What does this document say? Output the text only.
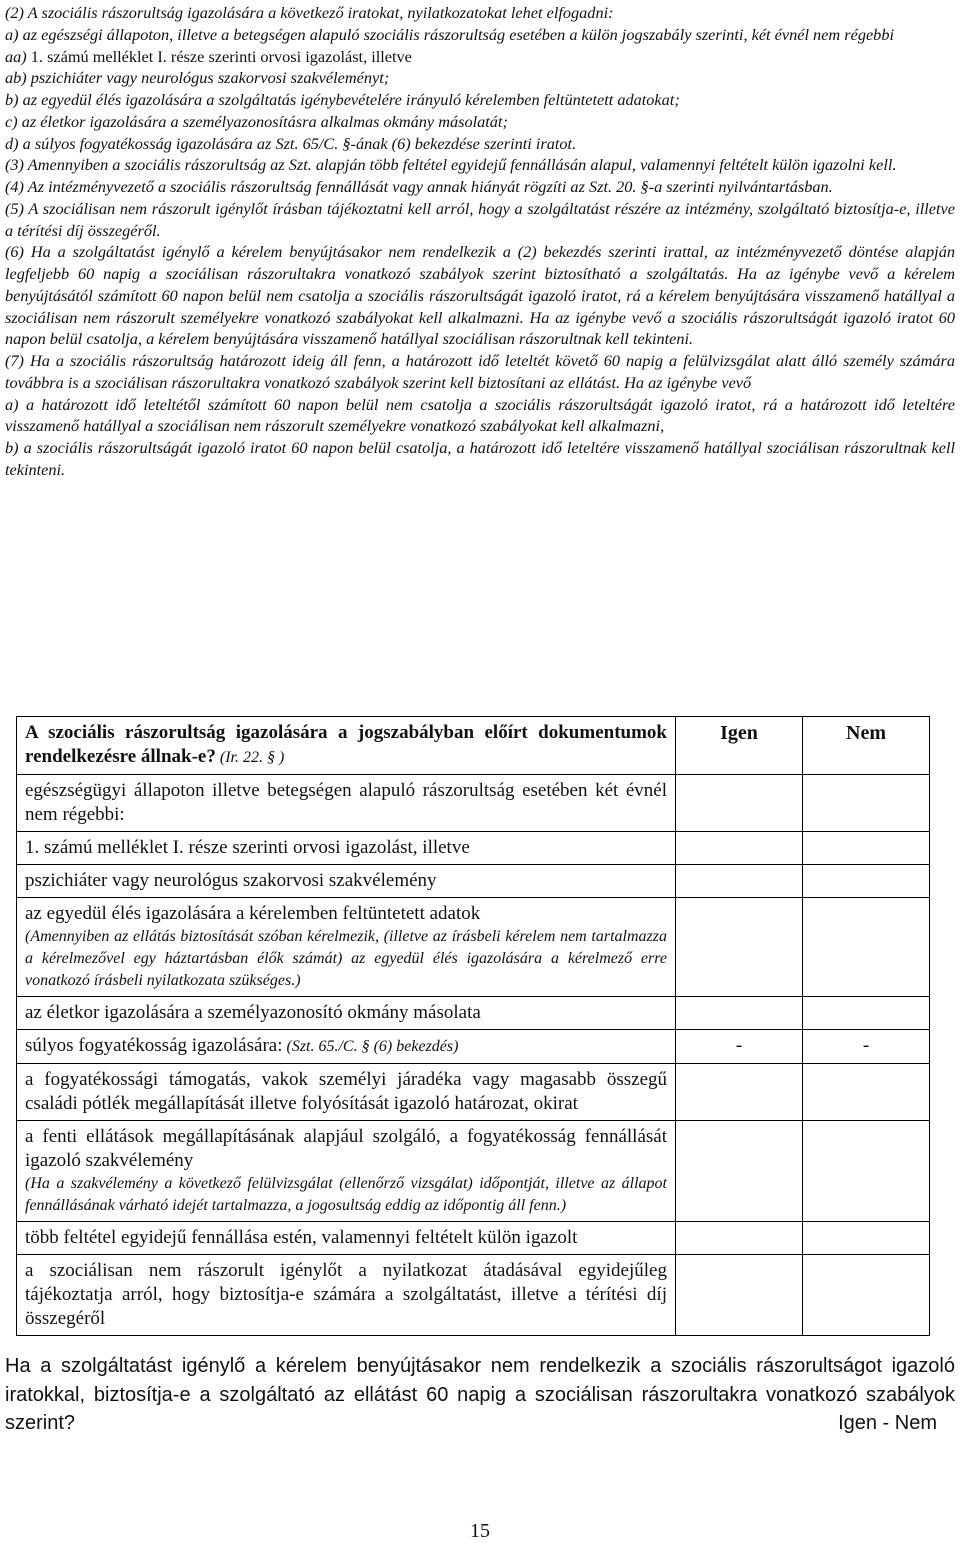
(2) A szociális rászorultság igazolására a következő iratokat, nyilatkozatokat lehet elfogadni:

a) az egészségi állapoton, illetve a betegségen alapuló szociális rászorultság esetében a külön jogszabály szerinti, két évnél nem régebbi

aa) 1. számú melléklet I. része szerinti orvosi igazolást, illetve

ab) pszichiáter vagy neurológus szakorvosi szakvéleményt;

b) az egyedül élés igazolására a szolgáltatás igénybevételére irányuló kérelemben feltüntetett adatokat;

c) az életkor igazolására a személyazonosításra alkalmas okmány másolatát;

d) a súlyos fogyatékosság igazolására az Szt. 65/C. §-ának (6) bekezdése szerinti iratot.

(3) Amennyiben a szociális rászorultság az Szt. alapján több feltétel egyidejű fennállásán alapul, valamennyi feltételt külön igazolni kell.

(4) Az intézményvezető a szociális rászorultság fennállását vagy annak hiányát rögzíti az Szt. 20. §-a szerinti nyilvántartásban.

(5) A szociálisan nem rászorult igénylőt írásban tájékoztatni kell arról, hogy a szolgáltatást részére az intézmény, szolgáltató biztosítja-e, illetve a térítési díj összegéről.

(6) Ha a szolgáltatást igénylő a kérelem benyújtásakor nem rendelkezik a (2) bekezdés szerinti irattal, az intézményvezető döntése alapján legfeljebb 60 napig a szociálisan rászorultakra vonatkozó szabályok szerint biztosítható a szolgáltatás. Ha az igénybe vevő a kérelem benyújtásától számított 60 napon belül nem csatolja a szociális rászorultságát igazoló iratot, rá a kérelem benyújtására visszamenő hatállyal a szociálisan nem rászorult személyekre vonatkozó szabályokat kell alkalmazni. Ha az igénybe vevő a szociális rászorultságát igazoló iratot 60 napon belül csatolja, a kérelem benyújtására visszamenő hatállyal szociálisan rászorultnak kell tekinteni.

(7) Ha a szociális rászorultság határozott ideig áll fenn, a határozott idő leteltét követő 60 napig a felülvizsgálat alatt álló személy számára továbbra is a szociálisan rászorultakra vonatkozó szabályok szerint kell biztosítani az ellátást. Ha az igénybe vevő

a) a határozott idő leteltétől számított 60 napon belül nem csatolja a szociális rászorultságát igazoló iratot, rá a határozott idő leteltére visszamenő hatállyal a szociálisan nem rászorult személyekre vonatkozó szabályokat kell alkalmazni,

b) a szociális rászorultságát igazoló iratot 60 napon belül csatolja, a határozott idő leteltére visszamenő hatállyal szociálisan rászorultnak kell tekinteni.

A szociális rászorultság igazolására a jogszabályban előírt dokumentumok rendelkezésre állnak-e? (Ir. 22. § )	Igen	Nem
egészségügyi állapoton illetve betegségen alapuló rászorultság esetében két évnél nem régebbi:		
1. számú melléklet I. része szerinti orvosi igazolást, illetve		
pszichiáter vagy neurológus szakorvosi szakvélemény		
az egyedül élés igazolására a kérelemben feltüntetett adatok
(Amennyiben az ellátás biztosítását szóban kérelmezik, (illetve az írásbeli kérelem nem tartalmazza a kérelmezővel egy háztartásban élők számát) az egyedül élés igazolására a kérelmező erre vonatkozó írásbeli nyilatkozata szükséges.)		

az életkor igazolására a személyazonosító okmány másolata		
súlyos fogyatékosság igazolására: (Szt. 65./C. § (6) bekezdés)	-	-
a fogyatékossági támogatás, vakok személyi járadéka vagy magasabb összegű családi pótlék megállapítását illetve folyósítását igazoló határozat, okirat		
a fenti ellátások megállapításának alapjául szolgáló, a fogyatékosság fennállását igazoló szakvélemény
(Ha a szakvélemény a következő felülvizsgálat (ellenőrző vizsgálat) időpontját, illetve az állapot fennállásának várható idejét tartalmazza, a jogosultság eddig az időpontig áll fenn.)		

több feltétel egyidejű fennállása estén, valamennyi feltételt külön igazolt		
a szociálisan nem rászorult igénylőt a nyilatkozat átadásával egyidejűleg tájékoztatja arról, hogy biztosítja-e számára a szolgáltatást, illetve a térítési díj összegéről		
Ha a szolgáltatást igénylő a kérelem benyújtásakor nem rendelkezik a szociális rászorultságot igazoló iratokkal, biztosítja-e a szolgáltató az ellátást 60 napig a szociálisan rászorultakra vonatkozó szabályok szerint?	Igen - Nem
15
